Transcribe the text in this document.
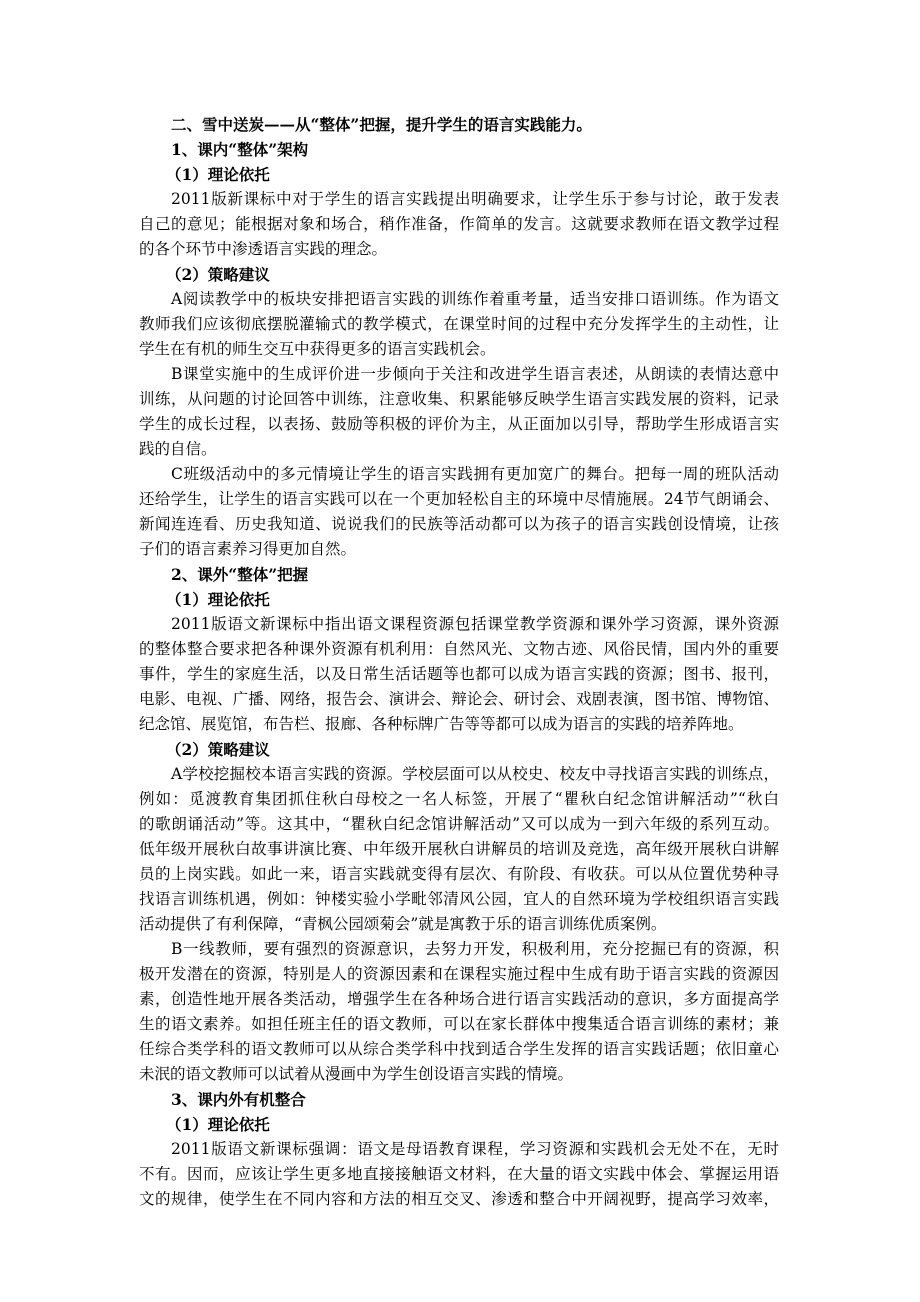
二、雪中送炭——从“整体”把握，提升学生的语言实践能力。
1、课内“整体”架构
（1）理论依托
2011版新课标中对于学生的语言实践提出明确要求，让学生乐于参与讨论，敢于发表
自己的意见；能根据对象和场合，稍作准备，作简单的发言。这就要求教师在语文教学过程
的各个环节中渗透语言实践的理念。
（2）策略建议
A阅读教学中的板块安排把语言实践的训练作着重考量，适当安排口语训练。作为语文
教师我们应该彻底摆脱灌输式的教学模式，在课堂时间的过程中充分发挥学生的主动性，让
学生在有机的师生交互中获得更多的语言实践机会。
B课堂实施中的生成评价进一步倾向于关注和改进学生语言表述，从朗读的表情达意中
训练，从问题的讨论回答中训练，注意收集、积累能够反映学生语言实践发展的资料，记录
学生的成长过程，以表扬、鼓励等积极的评价为主，从正面加以引导，帮助学生形成语言实
践的自信。
C班级活动中的多元情境让学生的语言实践拥有更加宽广的舞台。把每一周的班队活动
还给学生，让学生的语言实践可以在一个更加轻松自主的环境中尽情施展。24节气朗诵会、
新闻连连看、历史我知道、说说我们的民族等活动都可以为孩子的语言实践创设情境，让孩
子们的语言素养习得更加自然。
2、课外“整体”把握
（1）理论依托
2011版语文新课标中指出语文课程资源包括课堂教学资源和课外学习资源，课外资源
的整体整合要求把各种课外资源有机利用：自然风光、文物古迹、风俗民情，国内外的重要
事件，学生的家庭生活，以及日常生活话题等也都可以成为语言实践的资源；图书、报刊，
电影、电视、广播、网络，报告会、演讲会、辩论会、研讨会、戏剧表演，图书馆、博物馆、
纪念馆、展览馆，布告栏、报廊、各种标牌广告等等都可以成为语言的实践的培养阵地。
（2）策略建议
A学校挖掘校本语言实践的资源。学校层面可以从校史、校友中寻找语言实践的训练点，
例如：觅渡教育集团抓住秋白母校之一名人标签，开展了“瞿秋白纪念馆讲解活动”“秋白
的歌朗诵活动”等。这其中，“瞿秋白纪念馆讲解活动”又可以成为一到六年级的系列互动。
低年级开展秋白故事讲演比赛、中年级开展秋白讲解员的培训及竞选，高年级开展秋白讲解
员的上岗实践。如此一来，语言实践就变得有层次、有阶段、有收获。可以从位置优势种寻
找语言训练机遇，例如：钟楼实验小学毗邻清风公园，宜人的自然环境为学校组织语言实践
活动提供了有利保障，“青枫公园颂菊会”就是寓教于乐的语言训练优质案例。
B一线教师，要有强烈的资源意识，去努力开发，积极利用，充分挖掘已有的资源，积
极开发潜在的资源，特别是人的资源因素和在课程实施过程中生成有助于语言实践的资源因
素，创造性地开展各类活动，增强学生在各种场合进行语言实践活动的意识，多方面提高学
生的语文素养。如担任班主任的语文教师，可以在家长群体中搜集适合语言训练的素材；兼
任综合类学科的语文教师可以从综合类学科中找到适合学生发挥的语言实践话题；依旧童心
未泯的语文教师可以试着从漫画中为学生创设语言实践的情境。
3、课内外有机整合
（1）理论依托
2011版语文新课标强调：语文是母语教育课程，学习资源和实践机会无处不在，无时
不有。因而，应该让学生更多地直接接触语文材料，在大量的语文实践中体会、掌握运用语
文的规律，使学生在不同内容和方法的相互交叉、渗透和整合中开阔视野，提高学习效率，
